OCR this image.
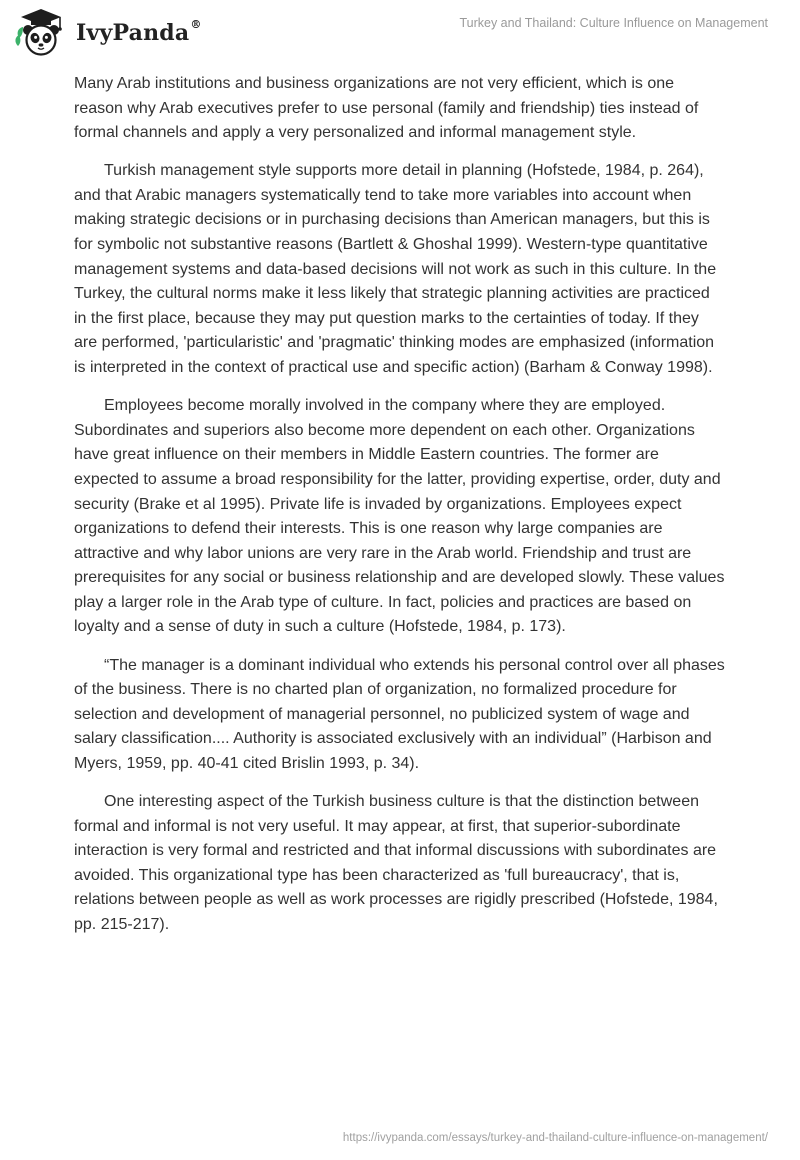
IvyPanda ®	Turkey and Thailand: Culture Influence on Management

Many Arab institutions and business organizations are not very efficient, which is one reason why Arab executives prefer to use personal (family and friendship) ties instead of formal channels and apply a very personalized and informal management style.

Turkish management style supports more detail in planning (Hofstede, 1984, p. 264), and that Arabic managers systematically tend to take more variables into account when making strategic decisions or in purchasing decisions than American managers, but this is for symbolic not substantive reasons (Bartlett & Ghoshal 1999). Western-type quantitative management systems and data-based decisions will not work as such in this culture. In the Turkey, the cultural norms make it less likely that strategic planning activities are practiced in the first place, because they may put question marks to the certainties of today. If they are performed, 'particularistic' and 'pragmatic' thinking modes are emphasized (information is interpreted in the context of practical use and specific action) (Barham & Conway 1998).

Employees become morally involved in the company where they are employed. Subordinates and superiors also become more dependent on each other. Organizations have great influence on their members in Middle Eastern countries. The former are expected to assume a broad responsibility for the latter, providing expertise, order, duty and security (Brake et al 1995). Private life is invaded by organizations. Employees expect organizations to defend their interests. This is one reason why large companies are attractive and why labor unions are very rare in the Arab world. Friendship and trust are prerequisites for any social or business relationship and are developed slowly. These values play a larger role in the Arab type of culture. In fact, policies and practices are based on loyalty and a sense of duty in such a culture (Hofstede, 1984, p. 173).

“The manager is a dominant individual who extends his personal control over all phases of the business. There is no charted plan of organization, no formalized procedure for selection and development of managerial personnel, no publicized system of wage and salary classification.... Authority is associated exclusively with an individual” (Harbison and Myers, 1959, pp. 40-41 cited Brislin 1993, p. 34).

One interesting aspect of the Turkish business culture is that the distinction between formal and informal is not very useful. It may appear, at first, that superior-subordinate interaction is very formal and restricted and that informal discussions with subordinates are avoided. This organizational type has been characterized as 'full bureaucracy', that is, relations between people as well as work processes are rigidly prescribed (Hofstede, 1984, pp. 215-217).

https://ivypanda.com/essays/turkey-and-thailand-culture-influence-on-management/
